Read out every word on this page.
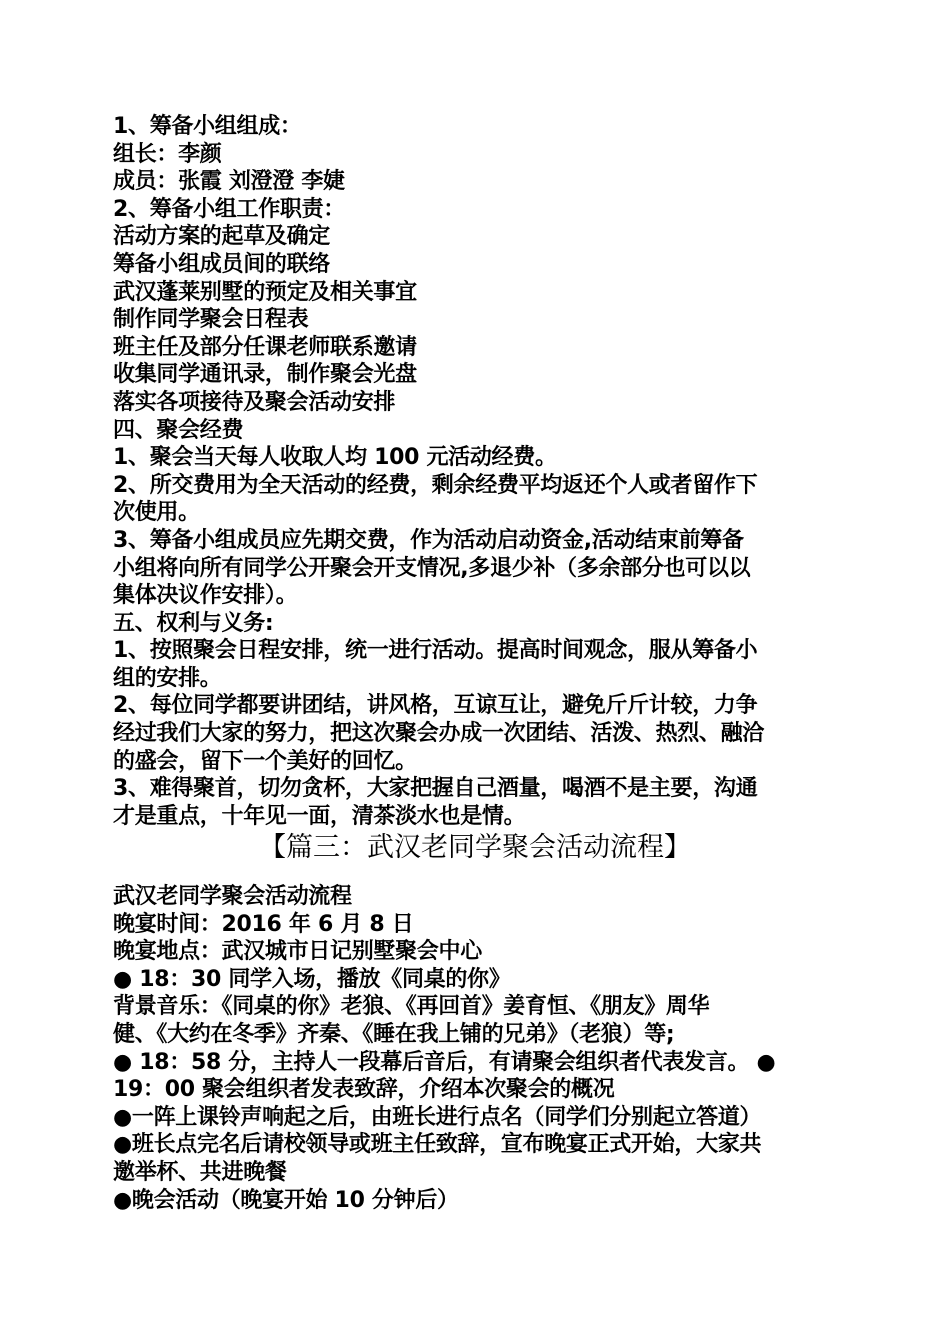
1、筹备小组组成：
组长：李颜
成员：张霞 刘澄澄 李婕
2、筹备小组工作职责：
活动方案的起草及确定
筹备小组成员间的联络
武汉蓬莱别墅的预定及相关事宜
制作同学聚会日程表
班主任及部分任课老师联系邀请
收集同学通讯录，制作聚会光盘
落实各项接待及聚会活动安排
四、聚会经费
1、聚会当天每人收取人均 100 元活动经费。
2、所交费用为全天活动的经费，剩余经费平均返还个人或者留作下
次使用。
3、筹备小组成员应先期交费，作为活动启动资金,活动结束前筹备
小组将向所有同学公开聚会开支情况,多退少补（多余部分也可以以
集体决议作安排）。
五、权利与义务:
1、按照聚会日程安排，统一进行活动。提高时间观念，服从筹备小
组的安排。
2、每位同学都要讲团结，讲风格，互谅互让，避免斤斤计较，力争
经过我们大家的努力，把这次聚会办成一次团结、活泼、热烈、融洽
的盛会，留下一个美好的回忆。
3、难得聚首，切勿贪杯，大家把握自己酒量，喝酒不是主要，沟通
才是重点，十年见一面，清茶淡水也是情。
【篇三：武汉老同学聚会活动流程】
武汉老同学聚会活动流程
晚宴时间：2016 年 6 月 8 日
晚宴地点：武汉城市日记别墅聚会中心
● 18：30 同学入场，播放《同桌的你》
背景音乐：《同桌的你》老狼、《再回首》姜育恒、《朋友》周华
健、《大约在冬季》齐秦、《睡在我上铺的兄弟》（老狼）等;
● 18：58 分，主持人一段幕后音后，有请聚会组织者代表发言。 ●
19：00 聚会组织者发表致辞，介绍本次聚会的概况
●一阵上课铃声响起之后，由班长进行点名（同学们分别起立答道）
●班长点完名后请校领导或班主任致辞，宣布晚宴正式开始，大家共
邀举杯、共进晚餐
●晚会活动（晚宴开始 10 分钟后）
